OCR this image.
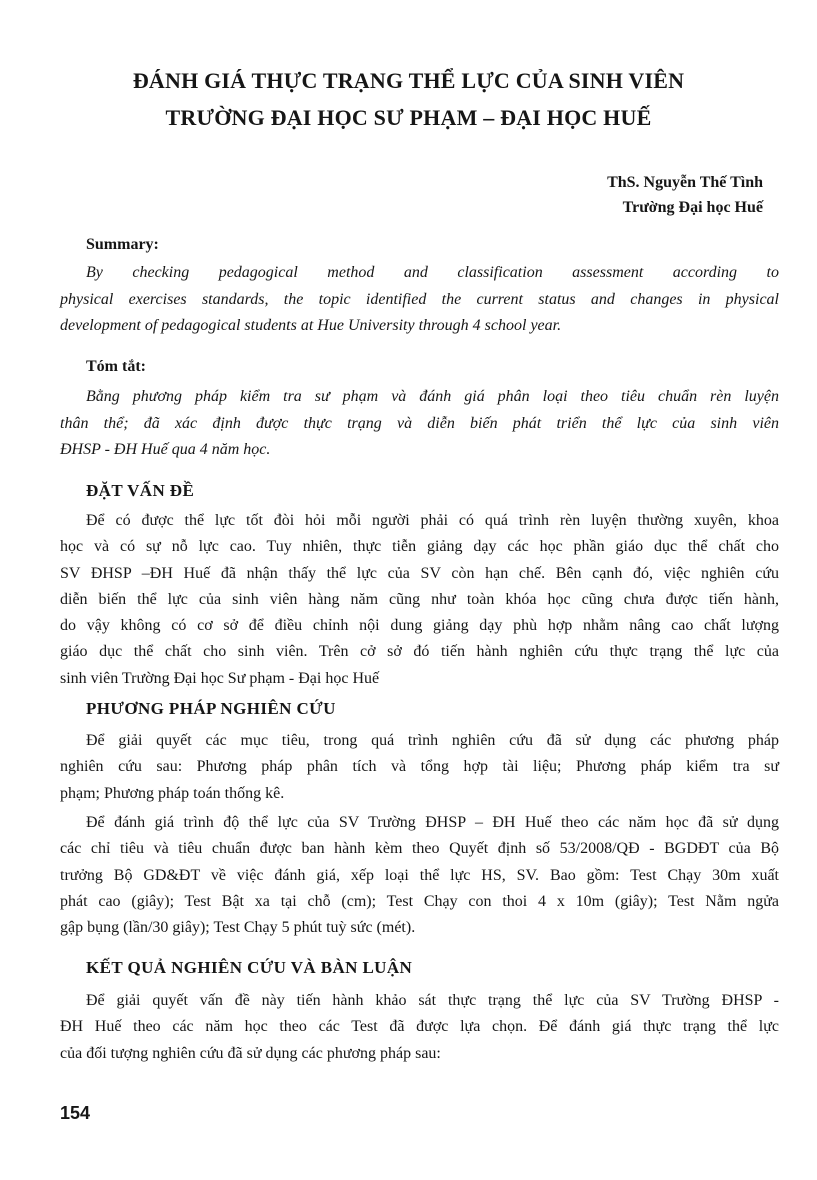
ĐÁNH GIÁ THỰC TRẠNG THỂ LỰC CỦA SINH VIÊN
TRƯỜNG ĐẠI HỌC SƯ PHẠM – ĐẠI HỌC HUẾ
ThS. Nguyễn Thế Tình
Trường Đại học Huế
Summary:
By checking pedagogical method and classification assessment according to
physical exercises standards, the topic identified the current status and changes in physical
development of pedagogical students at Hue University through 4 school year.
Tóm tắt:
Bằng phương pháp kiểm tra sư phạm và đánh giá phân loại theo tiêu chuẩn rèn luyện
thân thể; đã xác định được thực trạng và diễn biến phát triển thể lực của sinh viên
ĐHSP - ĐH Huế qua 4 năm học.
ĐẶT VẤN ĐỀ
Để có được thể lực tốt đòi hỏi mỗi người phải có quá trình rèn luyện thường xuyên, khoa
học và có sự nỗ lực cao. Tuy nhiên, thực tiễn giảng dạy các học phần giáo dục thể chất cho
SV ĐHSP –ĐH Huế đã nhận thấy thể lực của SV còn hạn chế. Bên cạnh đó, việc nghiên cứu
diễn biến thể lực của sinh viên hàng năm cũng như toàn khóa học cũng chưa được tiến hành,
do vậy không có cơ sở để điều chỉnh nội dung giảng dạy phù hợp nhằm nâng cao chất lượng
giáo dục thể chất cho sinh viên. Trên cở sở đó tiến hành nghiên cứu thực trạng thể lực của
sinh viên Trường Đại học Sư phạm - Đại học Huế
PHƯƠNG PHÁP NGHIÊN CỨU
Để giải quyết các mục tiêu, trong quá trình nghiên cứu đã sử dụng các phương pháp
nghiên cứu sau: Phương pháp phân tích và tổng hợp tài liệu; Phương pháp kiểm tra sư
phạm; Phương pháp toán thống kê.
Để đánh giá trình độ thể lực của SV Trường ĐHSP – ĐH Huế theo các năm học đã sử dụng
các chỉ tiêu và tiêu chuẩn được ban hành kèm theo Quyết định số 53/2008/QĐ - BGDĐT của Bộ
trưởng Bộ GD&ĐT về việc đánh giá, xếp loại thể lực HS, SV. Bao gồm: Test Chạy 30m xuất
phát cao (giây); Test Bật xa tại chỗ (cm); Test Chạy con thoi 4 x 10m (giây); Test Nằm ngửa
gập bụng (lần/30 giây); Test Chạy 5 phút tuỳ sức (mét).
KẾT QUẢ NGHIÊN CỨU VÀ BÀN LUẬN
Để giải quyết vấn đề này tiến hành khảo sát thực trạng thể lực của SV Trường ĐHSP -
ĐH Huế theo các năm học theo các Test đã được lựa chọn. Để đánh giá thực trạng thể lực
của đối tượng nghiên cứu đã sử dụng các phương pháp sau:
154
